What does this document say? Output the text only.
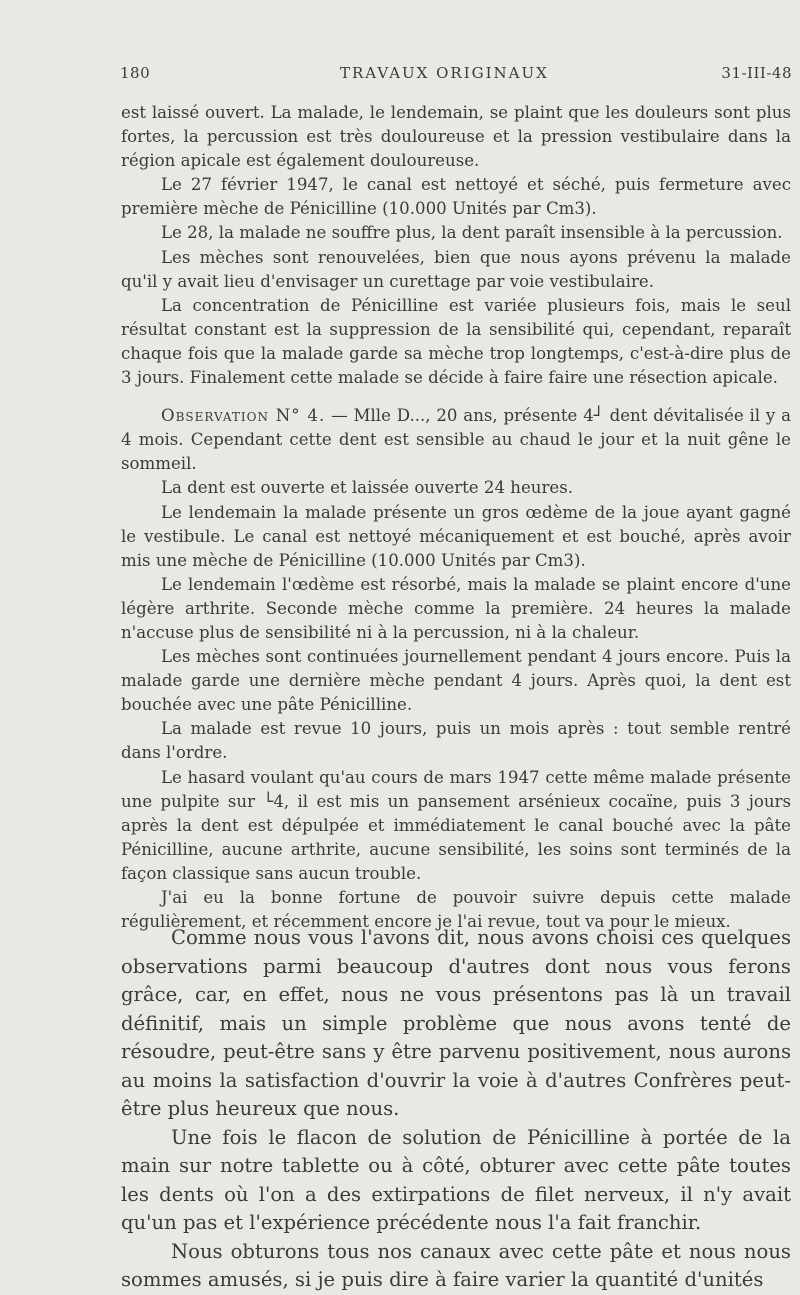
180	TRAVAUX ORIGINAUX	31-III-48

est laissé ouvert. La malade, le lendemain, se plaint que les douleurs sont plus fortes, la percussion est très douloureuse et la pression vestibulaire dans la région apicale est également douloureuse.

Le 27 février 1947, le canal est nettoyé et séché, puis fermeture avec première mèche de Pénicilline (10.000 Unités par Cm3).

Le 28, la malade ne souffre plus, la dent paraît insensible à la percussion.

Les mèches sont renouvelées, bien que nous ayons prévenu la malade qu'il y avait lieu d'envisager un curettage par voie vestibulaire.

La concentration de Pénicilline est variée plusieurs fois, mais le seul résultat constant est la suppression de la sensibilité qui, cependant, reparaît chaque fois que la malade garde sa mèche trop longtemps, c'est-à-dire plus de 3 jours. Finalement cette malade se décide à faire faire une résection apicale.

Observation N° 4. — Mlle D..., 20 ans, présente 4┘ dent dévitalisée il y a 4 mois. Cependant cette dent est sensible au chaud le jour et la nuit gêne le sommeil.

La dent est ouverte et laissée ouverte 24 heures.

Le lendemain la malade présente un gros œdème de la joue ayant gagné le vestibule. Le canal est nettoyé mécaniquement et est bouché, après avoir mis une mèche de Pénicilline (10.000 Unités par Cm3).

Le lendemain l'œdème est résorbé, mais la malade se plaint encore d'une légère arthrite. Seconde mèche comme la première. 24 heures la malade n'accuse plus de sensibilité ni à la percussion, ni à la chaleur.

Les mèches sont continuées journellement pendant 4 jours encore. Puis la malade garde une dernière mèche pendant 4 jours. Après quoi, la dent est bouchée avec une pâte Pénicilline.

La malade est revue 10 jours, puis un mois après : tout semble rentré dans l'ordre.

Le hasard voulant qu'au cours de mars 1947 cette même malade présente une pulpite sur └4, il est mis un pansement arsénieux cocaïne, puis 3 jours après la dent est dépulpée et immédiatement le canal bouché avec la pâte Pénicilline, aucune arthrite, aucune sensibilité, les soins sont terminés de la façon classique sans aucun trouble.

J'ai eu la bonne fortune de pouvoir suivre depuis cette malade régulièrement, et récemment encore je l'ai revue, tout va pour le mieux.

Comme nous vous l'avons dit, nous avons choisi ces quelques observations parmi beaucoup d'autres dont nous vous ferons grâce, car, en effet, nous ne vous présentons pas là un travail définitif, mais un simple problème que nous avons tenté de résoudre, peut-être sans y être parvenu positivement, nous aurons au moins la satisfaction d'ouvrir la voie à d'autres Confrères peut-être plus heureux que nous.

Une fois le flacon de solution de Pénicilline à portée de la main sur notre tablette ou à côté, obturer avec cette pâte toutes les dents où l'on a des extirpations de filet nerveux, il n'y avait qu'un pas et l'expérience précédente nous l'a fait franchir.

Nous obturons tous nos canaux avec cette pâte et nous nous sommes amusés, si je puis dire à faire varier la quantité d'unités
